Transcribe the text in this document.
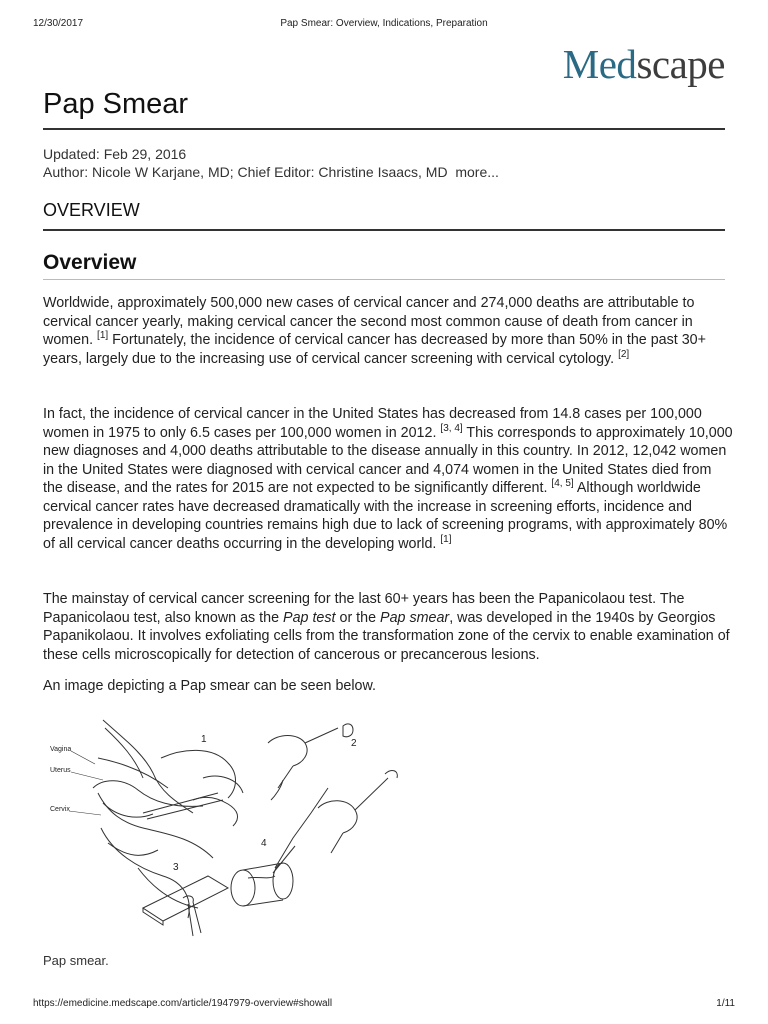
12/30/2017	Pap Smear: Overview, Indications, Preparation
Medscape
Pap Smear
Updated: Feb 29, 2016
Author: Nicole W Karjane, MD; Chief Editor: Christine Isaacs, MD more...
OVERVIEW
Overview

Worldwide, approximately 500,000 new cases of cervical cancer and 274,000 deaths are attributable to cervical cancer yearly, making cervical cancer the second most common cause of death from cancer in women. [1] Fortunately, the incidence of cervical cancer has decreased by more than 50% in the past 30+ years, largely due to the increasing use of cervical cancer screening with cervical cytology. [2]

In fact, the incidence of cervical cancer in the United States has decreased from 14.8 cases per 100,000 women in 1975 to only 6.5 cases per 100,000 women in 2012. [3, 4] This corresponds to approximately 10,000 new diagnoses and 4,000 deaths attributable to the disease annually in this country. In 2012, 12,042 women in the United States were diagnosed with cervical cancer and 4,074 women in the United States died from the disease, and the rates for 2015 are not expected to be significantly different. [4, 5] Although worldwide cervical cancer rates have decreased dramatically with the increase in screening efforts, incidence and prevalence in developing countries remains high due to lack of screening programs, with approximately 80% of all cervical cancer deaths occurring in the developing world. [1]

The mainstay of cervical cancer screening for the last 60+ years has been the Papanicolaou test. The Papanicolaou test, also known as the Pap test or the Pap smear, was developed in the 1940s by Georgios Papanikolaou. It involves exfoliating cells from the transformation zone of the cervix to enable examination of these cells microscopically for detection of cancerous or precancerous lesions.

An image depicting a Pap smear can be seen below.

Vagina
Uterus
Cervix
1	2
3
4
Pap smear.
https://emedicine.medscape.com/article/1947979-overview#showall	1/11
